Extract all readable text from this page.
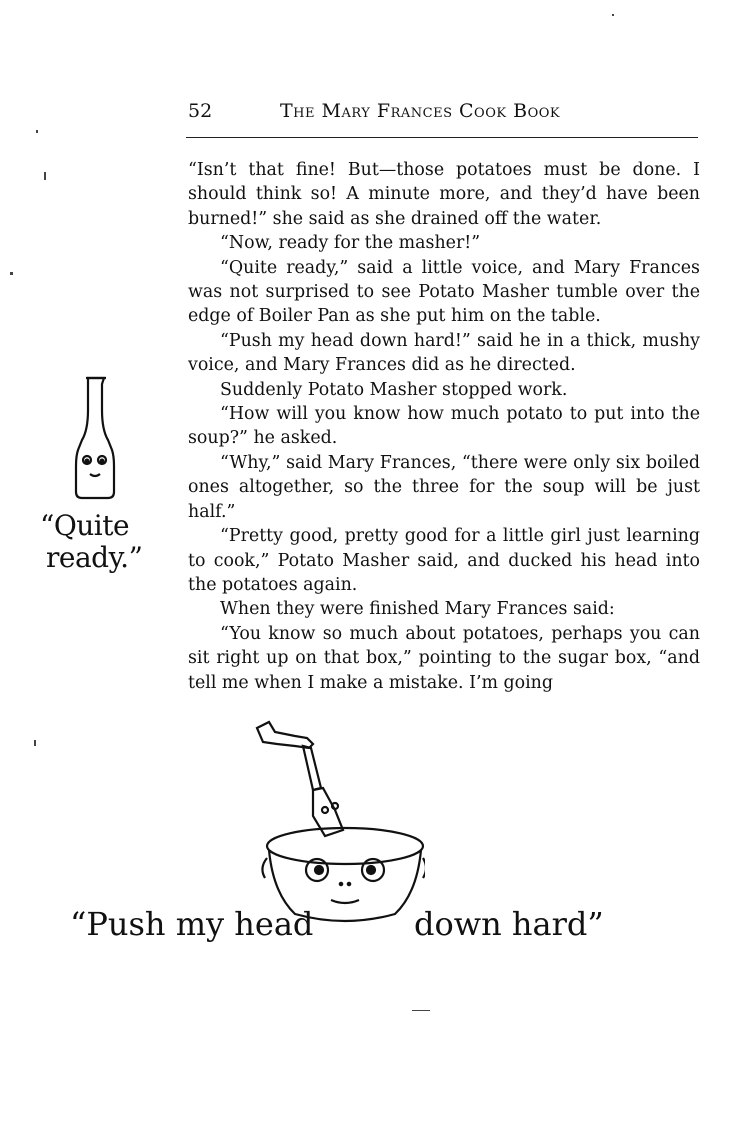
52	The Mary Frances Cook Book

“Isn’t that fine! But—those potatoes must be done. I should think so! A minute more, and they’d have been burned!” she said as she drained off the water.

“Now, ready for the masher!”

“Quite ready,” said a little voice, and Mary Frances was not surprised to see Potato Masher tumble over the edge of Boiler Pan as she put him on the table.

“Push my head down hard!” said he in a thick, mushy voice, and Mary Frances did as he directed.

Suddenly Potato Masher stopped work.

“How will you know how much potato to put into the soup?” he asked.

“Why,” said Mary Frances, “there were only six boiled ones altogether, so the three for the soup will be just half.”

“Pretty good, pretty good for a little girl just learning to cook,” Potato Masher said, and ducked his head into the potatoes again.

When they were finished Mary Frances said:

“You know so much about potatoes, perhaps you can sit right up on that box,” pointing to the sugar box, “and tell me when I make a mistake. I’m going

“Quite
ready.”
“Push my head	down hard”
